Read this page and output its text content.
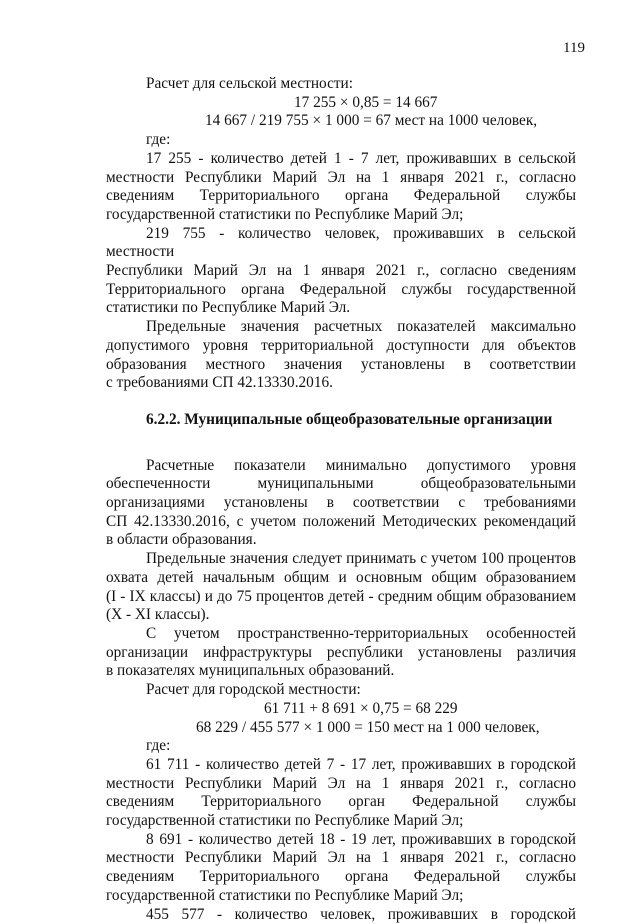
119

Расчет для сельской местности:

17 255 × 0,85 = 14 667

14 667 / 219 755 × 1 000 = 67 мест на 1000 человек,

где:

17 255 - количество детей 1 - 7 лет, проживавших в сельской

местности Республики Марий Эл на 1 января 2021 г., согласно

сведениям Территориального органа Федеральной службы

государственной статистики по Республике Марий Эл;

219 755 - количество человек, проживавших в сельской местности

Республики Марий Эл на 1 января 2021 г., согласно сведениям

Территориального органа Федеральной службы государственной

статистики по Республике Марий Эл.

Предельные значения расчетных показателей максимально

допустимого уровня территориальной доступности для объектов

образования местного значения установлены в соответствии

с требованиями СП 42.13330.2016.

6.2.2. Муниципальные общеобразовательные организации

Расчетные показатели минимально допустимого уровня

обеспеченности муниципальными общеобразовательными

организациями установлены в соответствии с требованиями

СП 42.13330.2016, с учетом положений Методических рекомендаций

в области образования.

Предельные значения следует принимать с учетом 100 процентов

охвата детей начальным общим и основным общим образованием

(I - IX классы) и до 75 процентов детей - средним общим образованием

(X - XI классы).

С учетом пространственно-территориальных особенностей

организации инфраструктуры республики установлены различия

в показателях муниципальных образований.

Расчет для городской местности:

61 711 + 8 691 × 0,75 = 68 229

68 229 / 455 577 × 1 000 = 150 мест на 1 000 человек,

где:

61 711 - количество детей 7 - 17 лет, проживавших в городской

местности Республики Марий Эл на 1 января 2021 г., согласно

сведениям Территориального орган Федеральной службы

государственной статистики по Республике Марий Эл;

8 691 - количество детей 18 - 19 лет, проживавших в городской

местности Республики Марий Эл на 1 января 2021 г., согласно

сведениям Территориального органа Федеральной службы

государственной статистики по Республике Марий Эл;

455 577 - количество человек, проживавших в городской
